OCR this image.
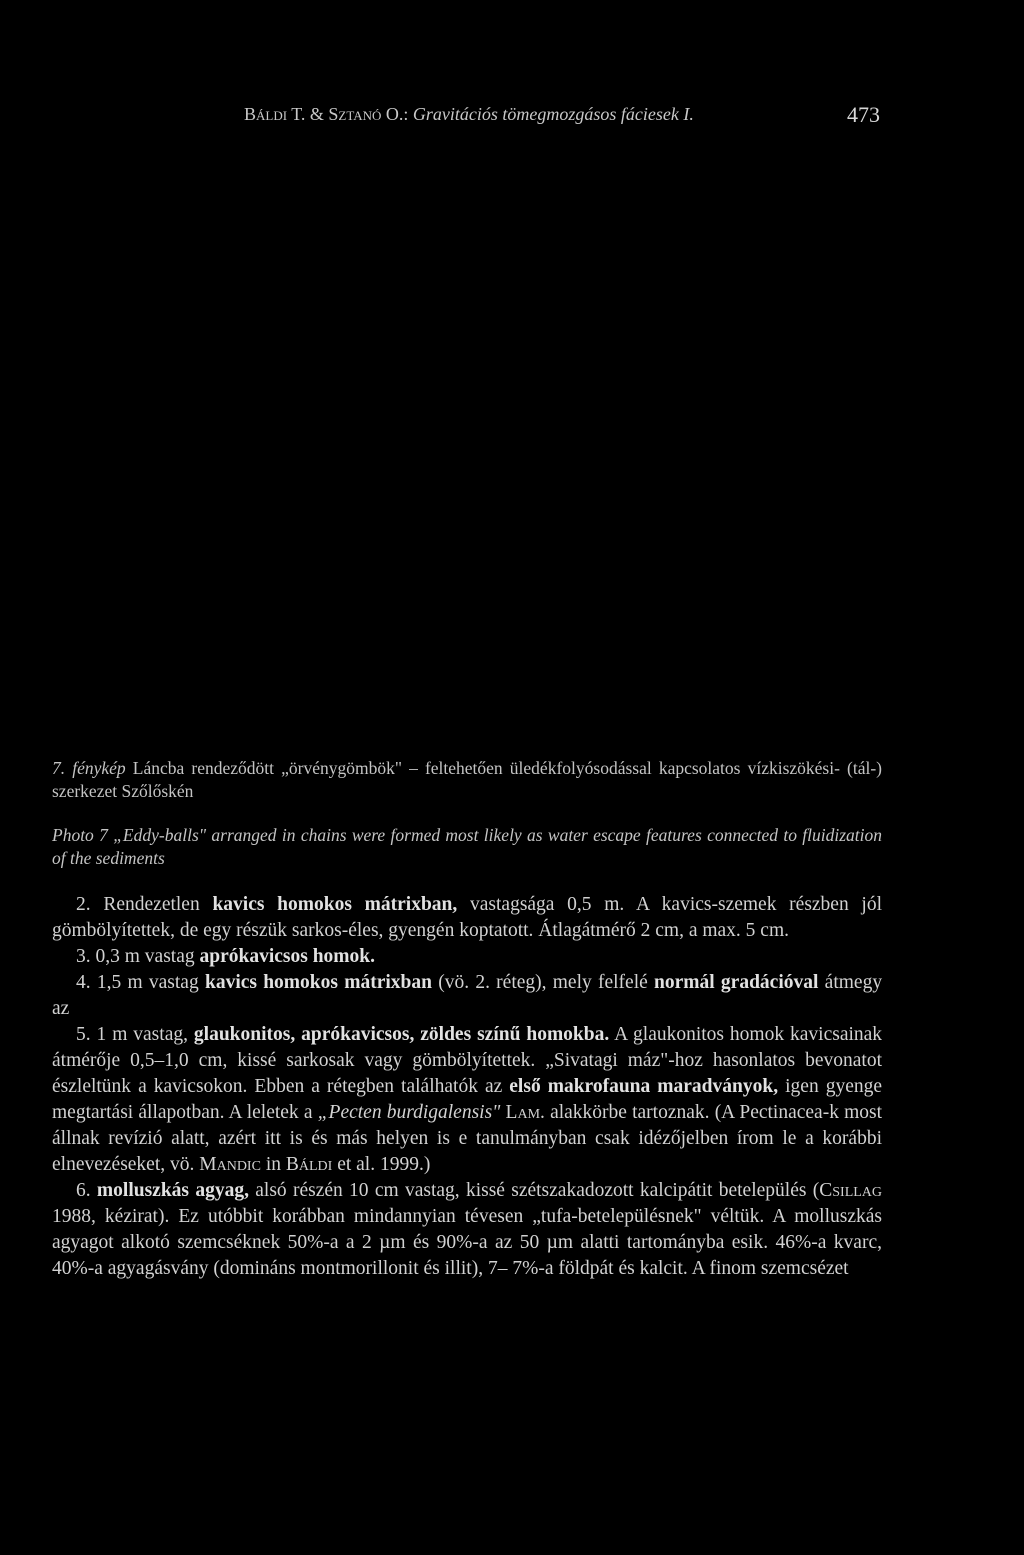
Báldi T. & Sztanó O.: Gravitációs tömegmozgásos fáciesek I.	473
7. fénykép Láncba rendeződött „örvénygömbök" – feltehetően üledékfolyósodással kapcsolatos vízkiszökési- (tál-) szerkezet Szőlőskén
Photo 7 „Eddy-balls" arranged in chains were formed most likely as water escape features connected to fluidization of the sediments

2. Rendezetlen kavics homokos mátrixban, vastagsága 0,5 m. A kavics-szemek részben jól gömbölyítettek, de egy részük sarkos-éles, gyengén koptatott. Átlagátmérő 2 cm, a max. 5 cm.

3. 0,3 m vastag aprókavicsos homok.

4. 1,5 m vastag kavics homokos mátrixban (vö. 2. réteg), mely felfelé normál gradációval átmegy az

5. 1 m vastag, glaukonitos, aprókavicsos, zöldes színű homokba. A glaukonitos homok kavicsainak átmérője 0,5–1,0 cm, kissé sarkosak vagy gömbölyítettek. „Sivatagi máz"-hoz hasonlatos bevonatot észleltünk a kavicsokon. Ebben a rétegben találhatók az első makrofauna maradványok, igen gyenge megtartási állapotban. A leletek a „Pecten burdigalensis" Lam. alakkörbe tartoznak. (A Pectinacea-k most állnak revízió alatt, azért itt is és más helyen is e tanulmányban csak idézőjelben írom le a korábbi elnevezéseket, vö. Mandic in Báldi et al. 1999.)

6. molluszkás agyag, alsó részén 10 cm vastag, kissé szétszakadozott kalcipátit betelepülés (Csillag 1988, kézirat). Ez utóbbit korábban mindannyian tévesen „tufa-betelepülésnek" véltük. A molluszkás agyagot alkotó szemcséknek 50%-a a 2 µm és 90%-a az 50 µm alatti tartományba esik. 46%-a kvarc, 40%-a agyagásvány (domináns montmorillonit és illit), 7– 7%-a földpát és kalcit. A finom szemcsézet
